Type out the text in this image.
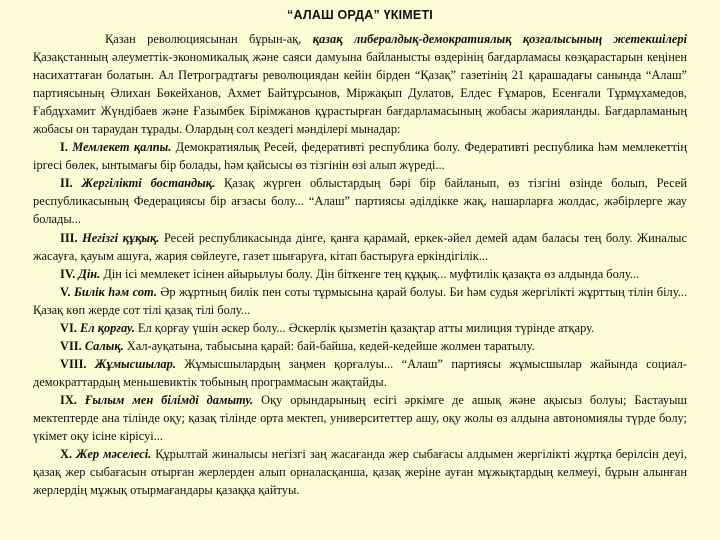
“АЛАШ ОРДА” ҮКІМЕТІ

Қазан революциясынан бұрын-ақ, қазақ либералдық-демократиялық қозғалысының жетекшілері Қазақстанның әлеуметтік-экономикалық және саяси дамуына байланысты өздерінің бағдарламасы көзқарастарын кеңінен насихаттаған болатын. Ал Петроградтағы революциядан кейін бірден “Қазақ” газетінің 21 қарашадағы санында “Алаш” партиясының Әлихан Бөкейханов, Ахмет Байтұрсынов, Міржақып Дулатов, Елдес Ғұмаров, Есенғали Тұрмұхамедов, Ғабдұхамит Жүндібаев және Ғазымбек Бірімжанов құрастырған бағдарламасының жобасы жарияланды. Бағдарламаның жобасы он тараудан тұрады. Олардың сол кездегі мәнділері мынадар:

І. Мемлекет қалпы. Демократиялық Ресей, федеративті республика болу. Федеративті республика һәм мемлекеттің іргесі бөлек, ынтымағы бір болады, һәм қайсысы өз тізгінін өзі алып жүреді...

ІІ. Жергілікті бостандық. Қазақ жүрген облыстардың бәрі бір байланып, өз тізгіні өзінде болып, Ресей республикасының Федерациясы бір ағзасы болу... “Алаш” партиясы әділдікке жақ, нашарларға жолдас, жәбірлерге жау болады...

ІІІ. Негізгі құқық. Ресей республикасында дінге, қанға қарамай, еркек-әйел демей адам баласы тең болу. Жиналыс жасауға, қауым ашуға, жария сөйлеуге, газет шығаруға, кітап бастыруға еркіндігілік...

IV. Дін. Дін ісі мемлекет ісінен айырылуы болу. Дін біткенге тең құқық... муфтилік қазақта өз алдында болу...

V. Билік һәм сот. Әр жұртның билік пен соты тұрмысына қарай болуы. Би һәм судья жергілікті жұрттың тілін білу... Қазақ көп жерде сот тілі қазақ тілі болу...

VІ. Ел қорғау. Ел қорғау үшін әскер болу... Әскерлік қызметін қазақтар атты милиция түрінде атқару.

VІІ. Салық. Хал-ауқатына, табысына қарай: бай-байша, кедей-кедейше жолмен таратылу.

VІІІ. Жұмысшылар. Жұмысшылардың заңмен қорғалуы... “Алаш” партиясы жұмысшылар жайында социал-демократтардың меньшевиктік тобының программасын жақтайды.

IX. Ғылым мен білімді дамыту. Оқу орындарының есігі әркімге де ашық және ақысыз болуы; Бастауыш мектептерде ана тілінде оқу; қазақ тілінде орта мектеп, университеттер ашу, оқу жолы өз алдына автономиялы түрде болу; үкімет оқу ісіне кірісуі...

Х. Жер мәселесі. Құрылтай жиналысы негізгі заң жасағанда жер сыбағасы алдымен жергілікті жұртқа берілсін деуі, қазақ жер сыбағасын отырған жерлерден алып орналасқанша, қазақ жеріне ауған мұжықтардың келмеуі, бұрын алынған жерлердің мұжық отырмағандары қазаққа қайтуы.
